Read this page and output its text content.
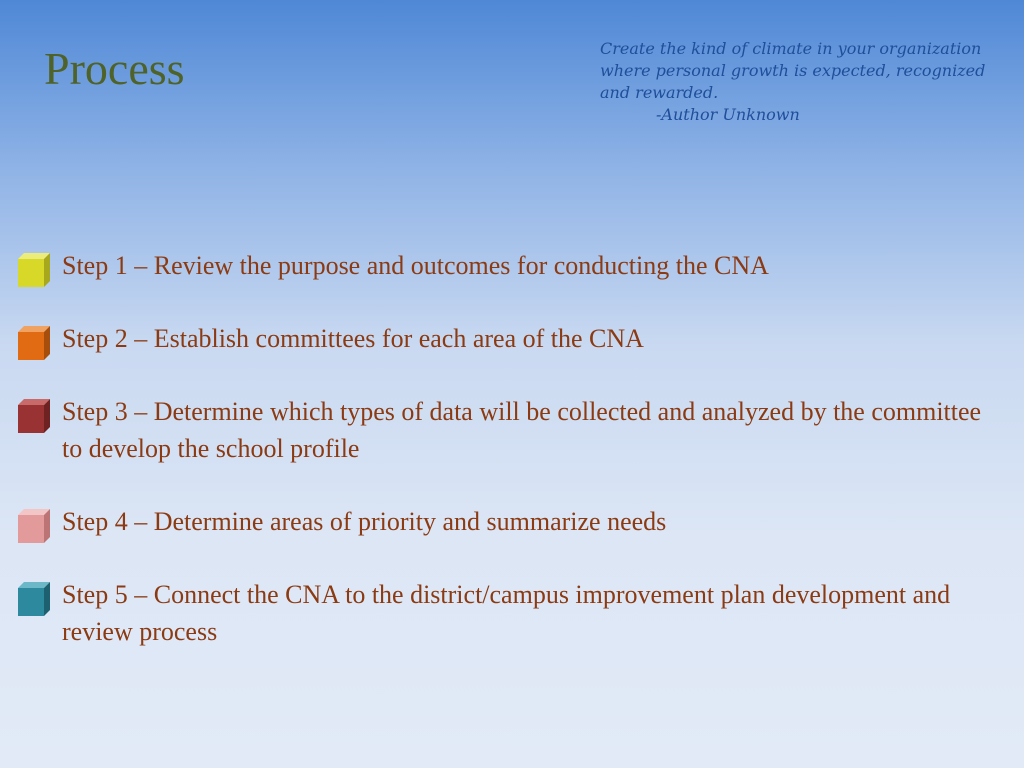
Process	Create the kind of climate in your organization where personal growth is expected, recognized and rewarded.
-Author Unknown
Step 1 – Review the purpose and outcomes for conducting the CNA
Step 2 – Establish committees for each area of the CNA
Step 3 – Determine which types of data will be collected and analyzed by the committee to develop the school profile
Step 4 – Determine areas of priority and summarize needs
Step 5 – Connect the CNA to the district/campus improvement plan development and review process
